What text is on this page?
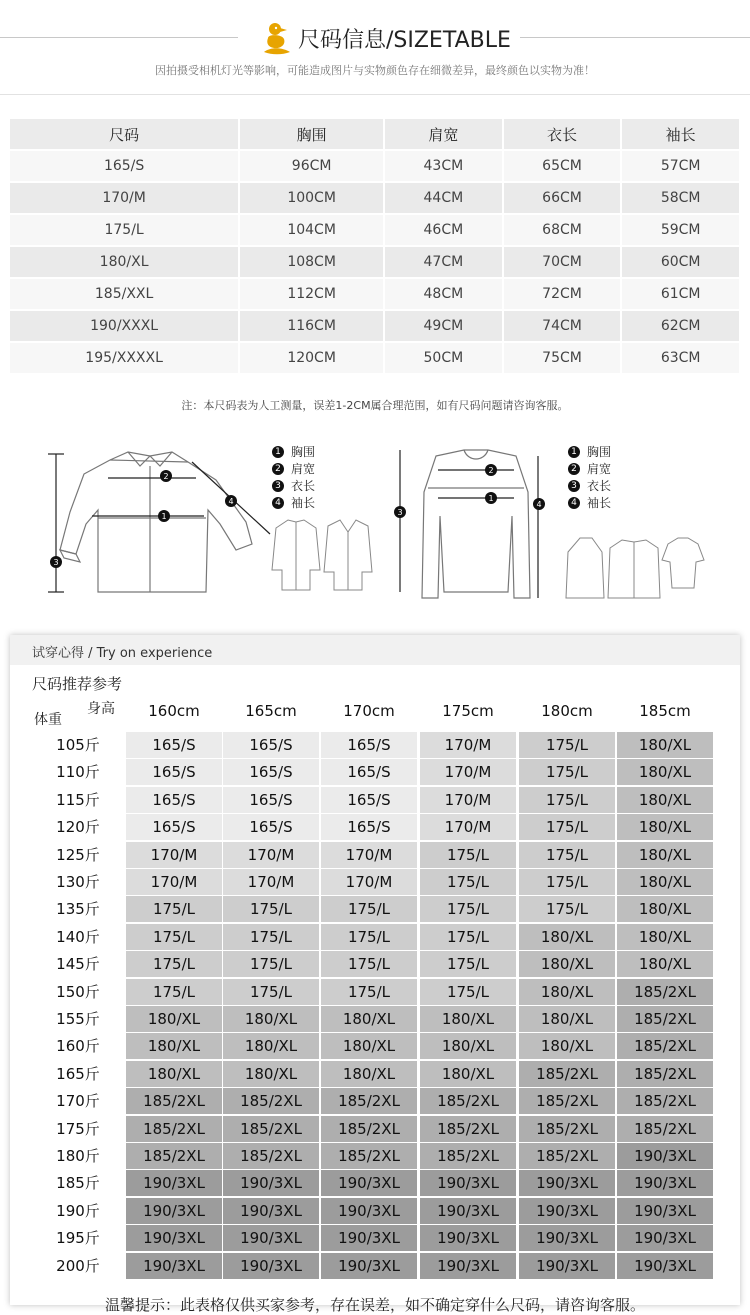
尺码信息/SIZETABLE
因拍摄受相机灯光等影响，可能造成图片与实物颜色存在细微差异，最终颜色以实物为准！
尺码	胸围	肩宽	衣长	袖长
165/S	96CM	43CM	65CM	57CM
170/M	100CM	44CM	66CM	58CM
175/L	104CM	46CM	68CM	59CM
180/XL	108CM	47CM	70CM	60CM
185/XXL	112CM	48CM	72CM	61CM
190/XXXL	116CM	49CM	74CM	62CM
195/XXXXL	120CM	50CM	75CM	63CM
注：本尺码表为人工测量，误差1-2CM属合理范围，如有尺码问题请咨询客服。
1
2
3
4
1 胸围
2 肩宽
3 衣长
4 袖长
2
1
3
4
1 胸围
2 肩宽
3 衣长
4 袖长
试穿心得 / Try on experience
尺码推荐参考
身高
体重	160cm	165cm	170cm	175cm	180cm	185cm
105斤	165/S	165/S	165/S	170/M	175/L	180/XL
110斤	165/S	165/S	165/S	170/M	175/L	180/XL
115斤	165/S	165/S	165/S	170/M	175/L	180/XL
120斤	165/S	165/S	165/S	170/M	175/L	180/XL
125斤	170/M	170/M	170/M	175/L	175/L	180/XL
130斤	170/M	170/M	170/M	175/L	175/L	180/XL
135斤	175/L	175/L	175/L	175/L	175/L	180/XL
140斤	175/L	175/L	175/L	175/L	180/XL	180/XL
145斤	175/L	175/L	175/L	175/L	180/XL	180/XL
150斤	175/L	175/L	175/L	175/L	180/XL	185/2XL
155斤	180/XL	180/XL	180/XL	180/XL	180/XL	185/2XL
160斤	180/XL	180/XL	180/XL	180/XL	180/XL	185/2XL
165斤	180/XL	180/XL	180/XL	180/XL	185/2XL	185/2XL
170斤	185/2XL	185/2XL	185/2XL	185/2XL	185/2XL	185/2XL
175斤	185/2XL	185/2XL	185/2XL	185/2XL	185/2XL	185/2XL
180斤	185/2XL	185/2XL	185/2XL	185/2XL	185/2XL	190/3XL
185斤	190/3XL	190/3XL	190/3XL	190/3XL	190/3XL	190/3XL
190斤	190/3XL	190/3XL	190/3XL	190/3XL	190/3XL	190/3XL
195斤	190/3XL	190/3XL	190/3XL	190/3XL	190/3XL	190/3XL
200斤	190/3XL	190/3XL	190/3XL	190/3XL	190/3XL	190/3XL
温馨提示：此表格仅供买家参考，存在误差，如不确定穿什么尺码，请咨询客服。
